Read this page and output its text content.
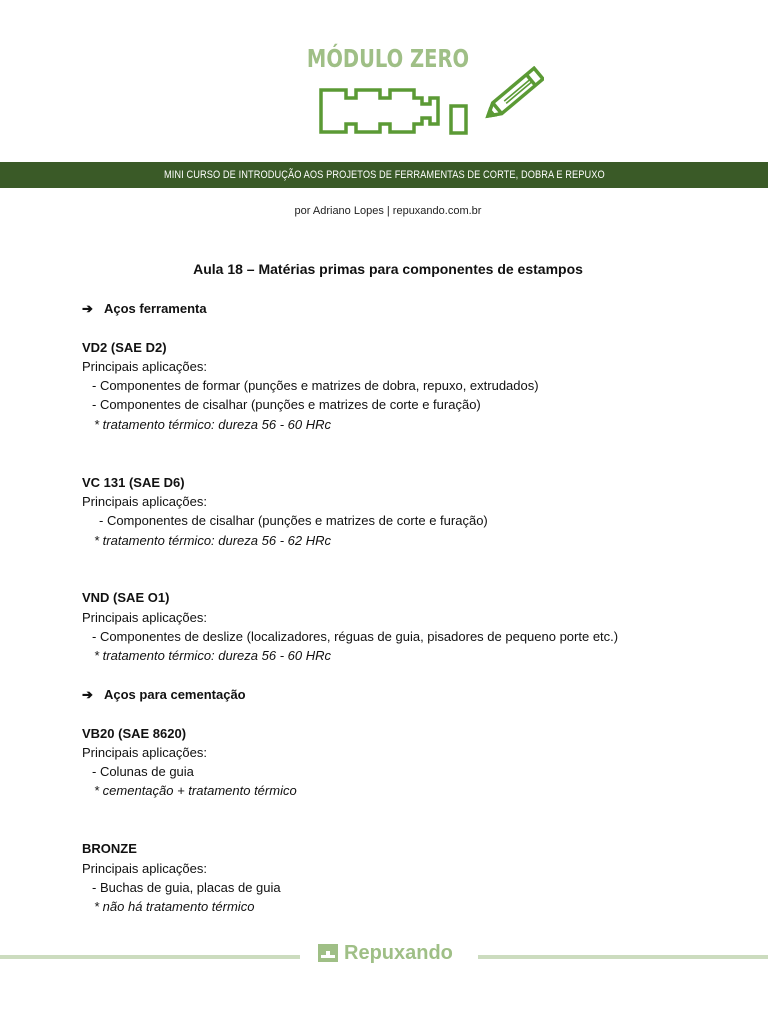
MÓDULO ZERO
MINI CURSO DE INTRODUÇÃO AOS PROJETOS DE FERRAMENTAS DE CORTE, DOBRA E REPUXO
por Adriano Lopes | repuxando.com.br
Aula 18 – Matérias primas para componentes de estampos
➔ Aços ferramenta
VD2 (SAE D2)
Principais aplicações:
- Componentes de formar (punções e matrizes de dobra, repuxo, extrudados)
- Componentes de cisalhar (punções e matrizes de corte e furação)
* tratamento térmico: dureza 56 - 60 HRc
VC 131 (SAE D6)
Principais aplicações:
- Componentes de cisalhar (punções e matrizes de corte e furação)
* tratamento térmico: dureza 56 - 62 HRc
VND (SAE O1)
Principais aplicações:
- Componentes de deslize (localizadores, réguas de guia, pisadores de pequeno porte etc.)
* tratamento térmico: dureza 56 - 60 HRc
➔ Aços para cementação
VB20 (SAE 8620)
Principais aplicações:
- Colunas de guia
* cementação + tratamento térmico
BRONZE
Principais aplicações:
- Buchas de guia, placas de guia
* não há tratamento térmico
Repuxando
